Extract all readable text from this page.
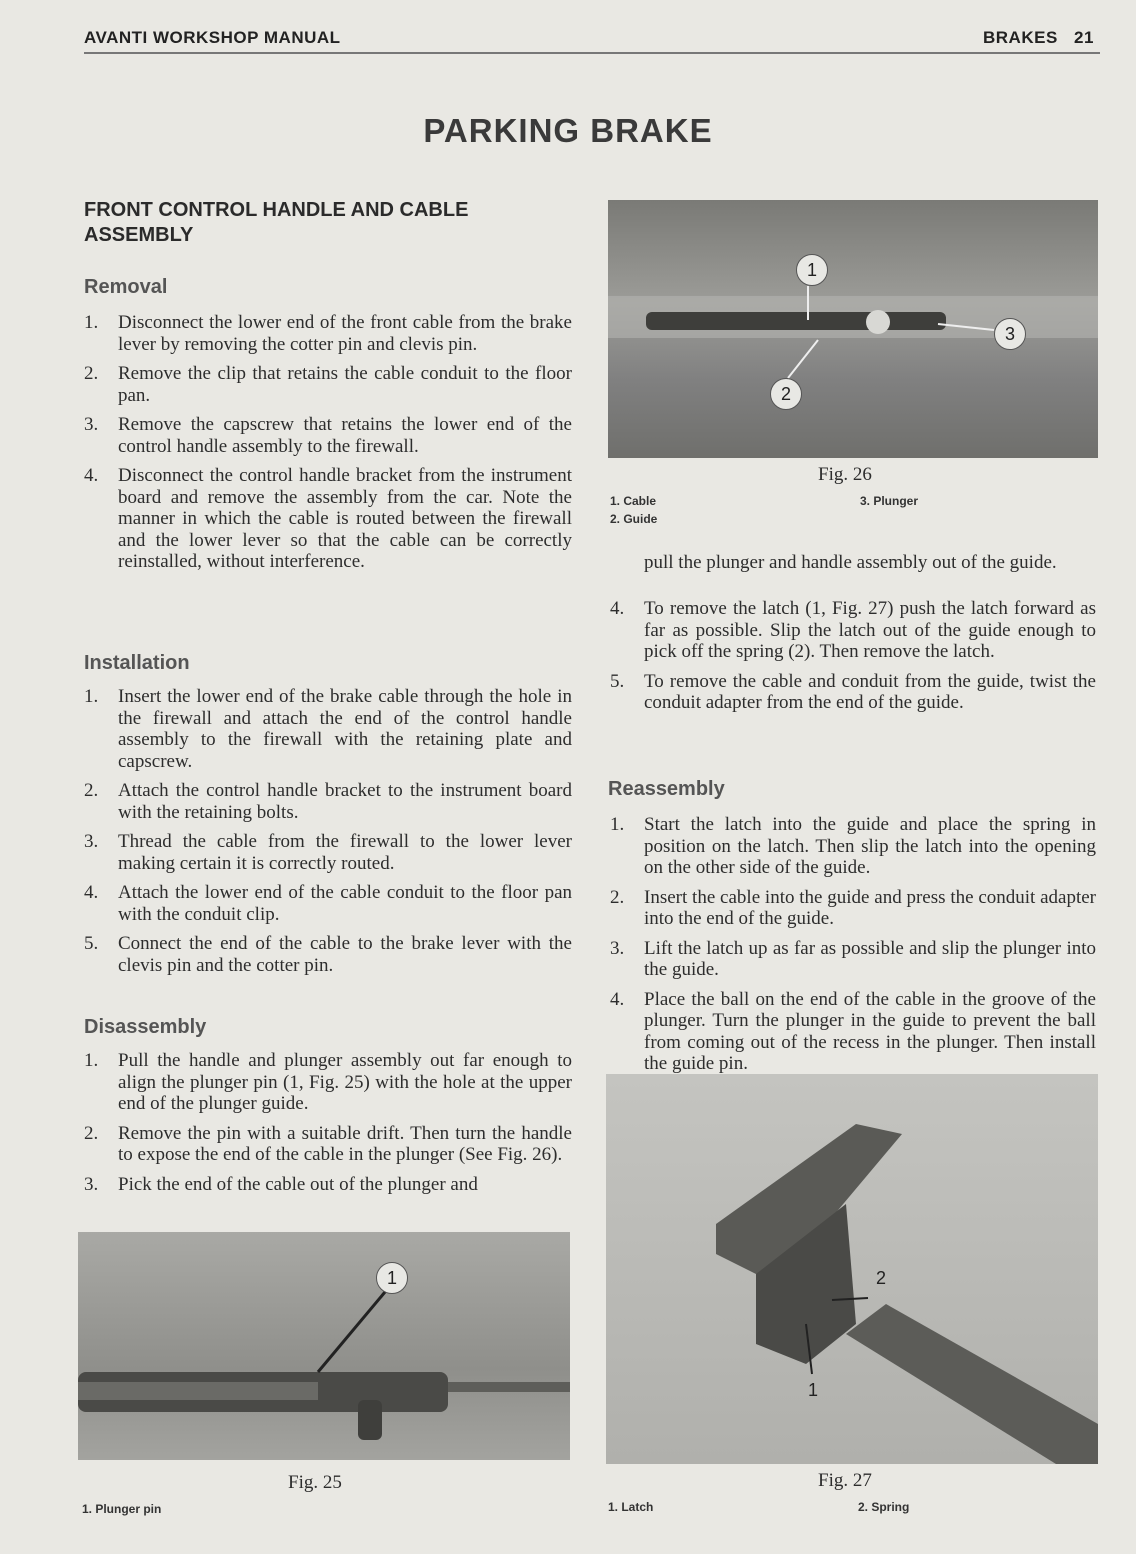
AVANTI WORKSHOP MANUAL	BRAKES 21
PARKING BRAKE
FRONT CONTROL HANDLE AND CABLE ASSEMBLY
Removal
1. Disconnect the lower end of the front cable from the brake lever by removing the cotter pin and clevis pin.
2. Remove the clip that retains the cable conduit to the floor pan.
3. Remove the capscrew that retains the lower end of the control handle assembly to the firewall.
4. Disconnect the control handle bracket from the instrument board and remove the assembly from the car. Note the manner in which the cable is routed between the firewall and the lower lever so that the cable can be correctly reinstalled, without interference.
Installation
1. Insert the lower end of the brake cable through the hole in the firewall and attach the end of the control handle assembly to the firewall with the retaining plate and capscrew.
2. Attach the control handle bracket to the instrument board with the retaining bolts.
3. Thread the cable from the firewall to the lower lever making certain it is correctly routed.
4. Attach the lower end of the cable conduit to the floor pan with the conduit clip.
5. Connect the end of the cable to the brake lever with the clevis pin and the cotter pin.
Disassembly
1. Pull the handle and plunger assembly out far enough to align the plunger pin (1, Fig. 25) with the hole at the upper end of the plunger guide.
2. Remove the pin with a suitable drift. Then turn the handle to expose the end of the cable in the plunger (See Fig. 26).
3. Pick the end of the cable out of the plunger and
1
Fig. 25
1. Plunger pin
1
2
3
Fig. 26
1. Cable
2. Guide
3. Plunger
pull the plunger and handle assembly out of the guide.
4. To remove the latch (1, Fig. 27) push the latch forward as far as possible. Slip the latch out of the guide enough to pick off the spring (2). Then remove the latch.
5. To remove the cable and conduit from the guide, twist the conduit adapter from the end of the guide.
Reassembly
1. Start the latch into the guide and place the spring in position on the latch. Then slip the latch into the opening on the other side of the guide.
2. Insert the cable into the guide and press the conduit adapter into the end of the guide.
3. Lift the latch up as far as possible and slip the plunger into the guide.
4. Place the ball on the end of the cable in the groove of the plunger. Turn the plunger in the guide to prevent the ball from coming out of the recess in the plunger. Then install the guide pin.
2
1
Fig. 27
1. Latch	2. Spring
